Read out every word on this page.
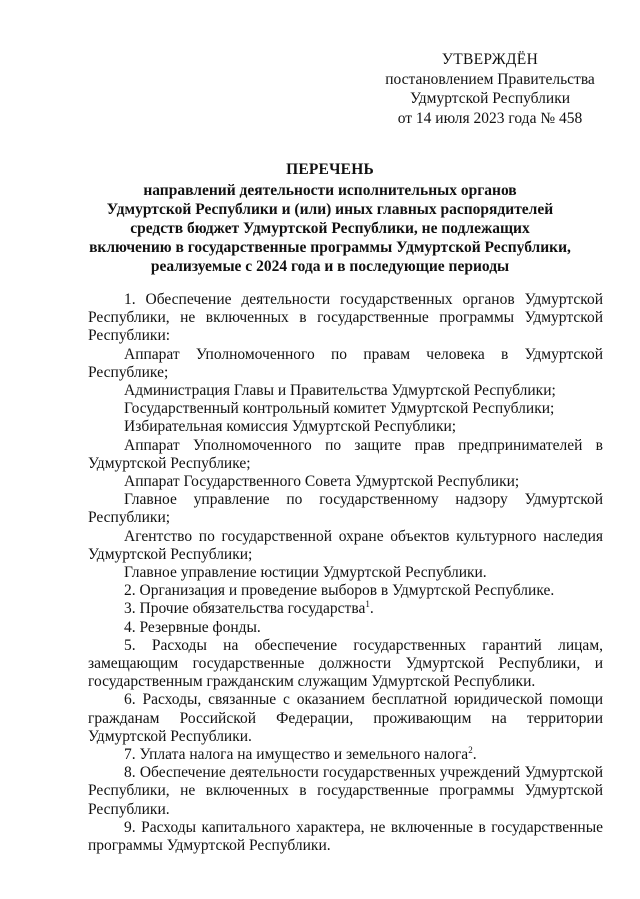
УТВЕРЖДЁН
постановлением Правительства
Удмуртской Республики
от 14 июля 2023 года № 458
ПЕРЕЧЕНЬ
направлений деятельности исполнительных органов
Удмуртской Республики и (или) иных главных распорядителей
средств бюджет Удмуртской Республики, не подлежащих
включению в государственные программы Удмуртской Республики,
реализуемые с 2024 года и в последующие периоды

1. Обеспечение деятельности государственных органов Удмуртской Республики, не включенных в государственные программы Удмуртской Республики:

Аппарат Уполномоченного по правам человека в Удмуртской Республике;

Администрация Главы и Правительства Удмуртской Республики;

Государственный контрольный комитет Удмуртской Республики;

Избирательная комиссия Удмуртской Республики;

Аппарат Уполномоченного по защите прав предпринимателей в Удмуртской Республике;

Аппарат Государственного Совета Удмуртской Республики;

Главное управление по государственному надзору Удмуртской Республики;

Агентство по государственной охране объектов культурного наследия Удмуртской Республики;

Главное управление юстиции Удмуртской Республики.

2. Организация и проведение выборов в Удмуртской Республике.

3. Прочие обязательства государства$^1$.

4. Резервные фонды.

5. Расходы на обеспечение государственных гарантий лицам, замещающим государственные должности Удмуртской Республики, и государственным гражданским служащим Удмуртской Республики.

6. Расходы, связанные с оказанием бесплатной юридической помощи гражданам Российской Федерации, проживающим на территории Удмуртской Республики.

7. Уплата налога на имущество и земельного налога$^2$.

8. Обеспечение деятельности государственных учреждений Удмуртской Республики, не включенных в государственные программы Удмуртской Республики.

9. Расходы капитального характера, не включенные в государственные программы Удмуртской Республики.
